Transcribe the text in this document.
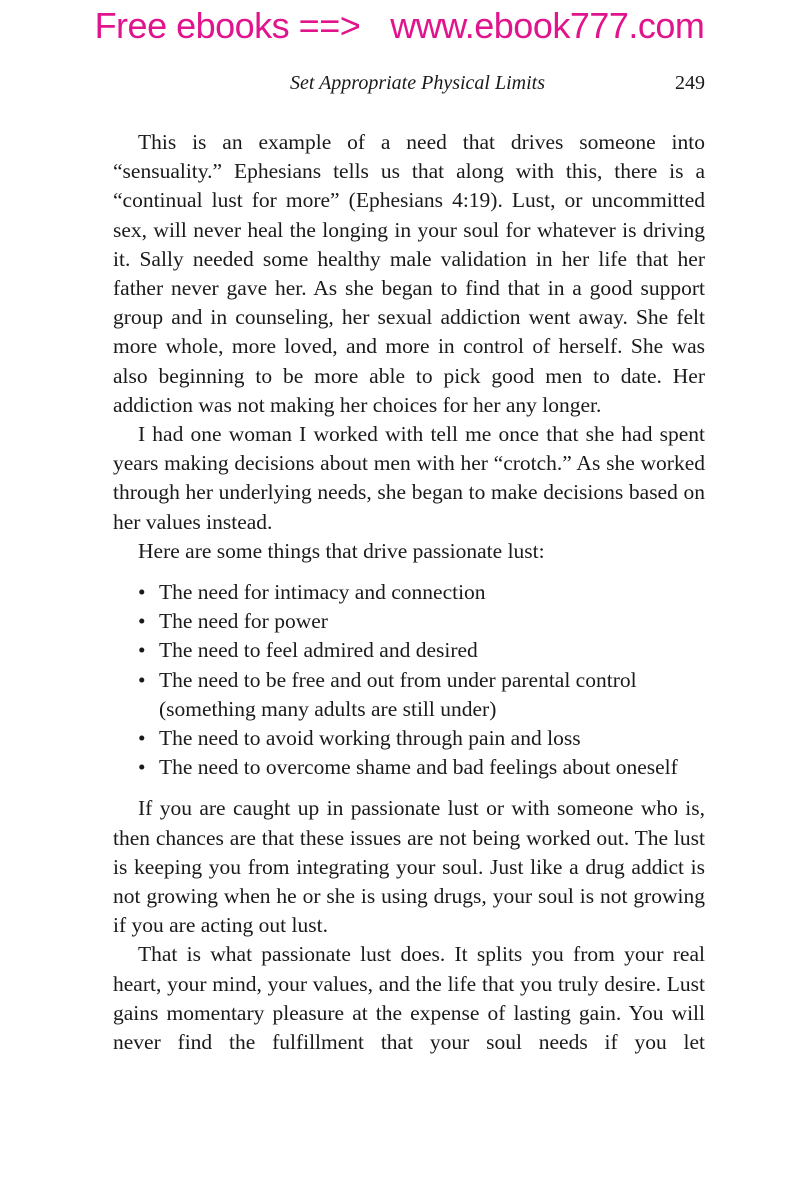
Free ebooks ==> www.ebook777.com
Set Appropriate Physical Limits	249

This is an example of a need that drives someone into “sensuality.” Ephesians tells us that along with this, there is a “continual lust for more” (Ephesians 4:19). Lust, or uncommitted sex, will never heal the longing in your soul for whatever is driving it. Sally needed some healthy male validation in her life that her father never gave her. As she began to find that in a good support group and in counseling, her sexual addiction went away. She felt more whole, more loved, and more in control of herself. She was also beginning to be more able to pick good men to date. Her addiction was not making her choices for her any longer.

I had one woman I worked with tell me once that she had spent years making decisions about men with her “crotch.” As she worked through her underlying needs, she began to make decisions based on her values instead.

Here are some things that drive passionate lust:

• The need for intimacy and connection
• The need for power
• The need to feel admired and desired
• The need to be free and out from under parental control (something many adults are still under)
• The need to avoid working through pain and loss
• The need to overcome shame and bad feelings about oneself

If you are caught up in passionate lust or with someone who is, then chances are that these issues are not being worked out. The lust is keeping you from integrating your soul. Just like a drug addict is not growing when he or she is using drugs, your soul is not growing if you are acting out lust.

That is what passionate lust does. It splits you from your real heart, your mind, your values, and the life that you truly desire. Lust gains momentary pleasure at the expense of lasting gain. You will never find the fulfillment that your soul needs if you let
